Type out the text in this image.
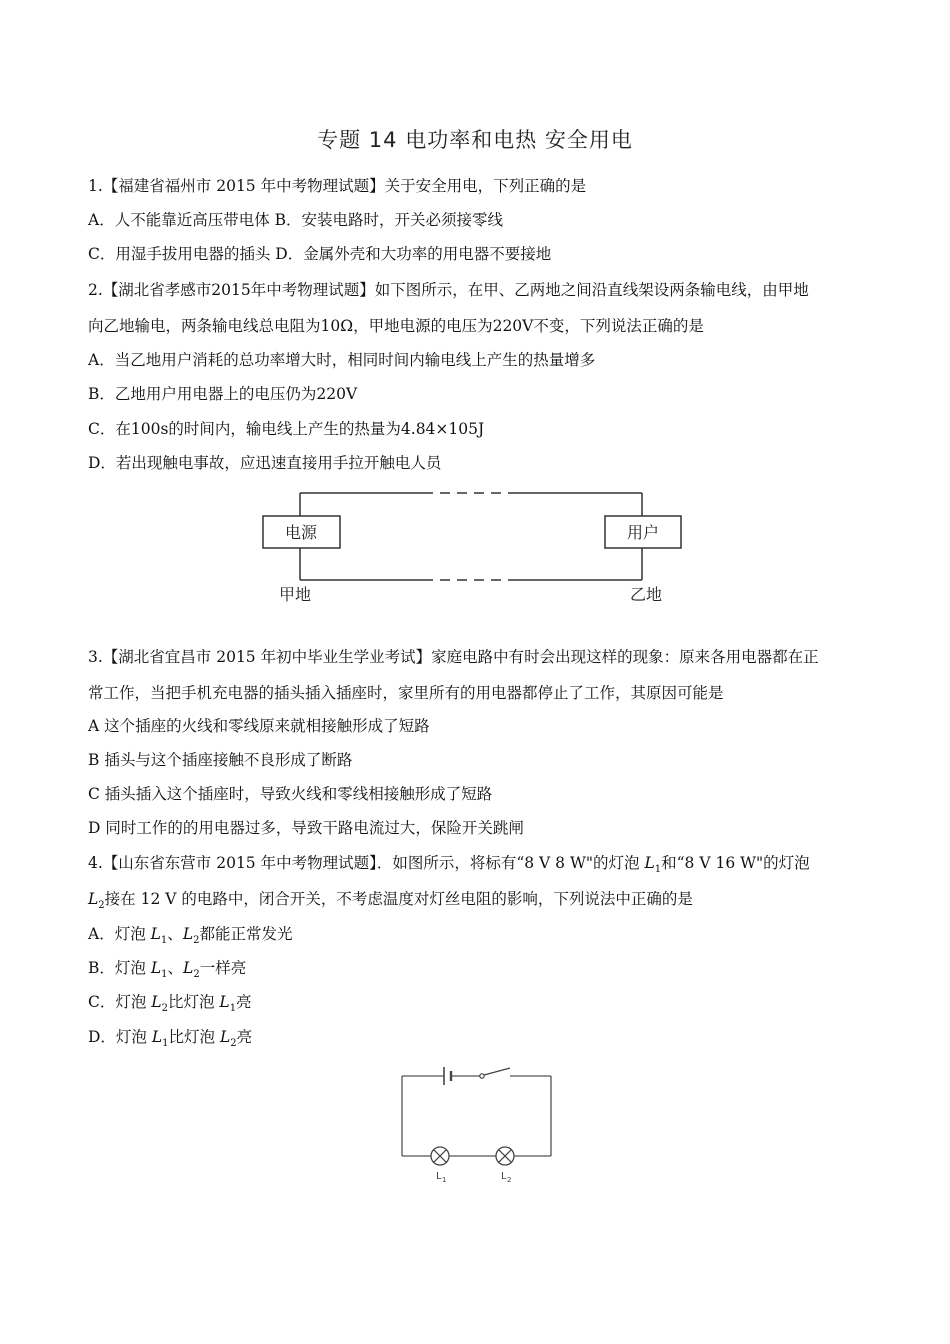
专题 14 电功率和电热 安全用电
1.【福建省福州市 2015 年中考物理试题】关于安全用电，下列正确的是
A．人不能靠近高压带电体 B．安装电路时，开关必须接零线
C．用湿手拔用电器的插头 D．金属外壳和大功率的用电器不要接地
2.【湖北省孝感市2015年中考物理试题】如下图所示，在甲、乙两地之间沿直线架设两条输电线，由甲地
向乙地输电，两条输电线总电阻为10Ω，甲地电源的电压为220V不变，下列说法正确的是
A．当乙地用户消耗的总功率增大时，相同时间内输电线上产生的热量增多
B．乙地用户用电器上的电压仍为220V
C．在100s的时间内，输电线上产生的热量为4.84×105J
D．若出现触电事故，应迅速直接用手拉开触电人员
电源	用户
甲地	乙地
3.【湖北省宜昌市 2015 年初中毕业生学业考试】家庭电路中有时会出现这样的现象：原来各用电器都在正
常工作，当把手机充电器的插头插入插座时，家里所有的用电器都停止了工作，其原因可能是
A 这个插座的火线和零线原来就相接触形成了短路
B 插头与这个插座接触不良形成了断路
C 插头插入这个插座时，导致火线和零线相接触形成了短路
D 同时工作的的用电器过多，导致干路电流过大，保险开关跳闸
4.【山东省东营市 2015 年中考物理试题】．如图所示，将标有“8 V 8 W"的灯泡 $L_1$和“8 V 16 W"的灯泡
$L_2$接在 12 V 的电路中，闭合开关，不考虑温度对灯丝电阻的影响，下列说法中正确的是
A．灯泡 $L_1$、$L_2$都能正常发光
B．灯泡 $L_1$、$L_2$一样亮
C．灯泡 $L_2$比灯泡 $L_1$亮
D．灯泡 $L_1$比灯泡 $L_2$亮
L 1	L 2
